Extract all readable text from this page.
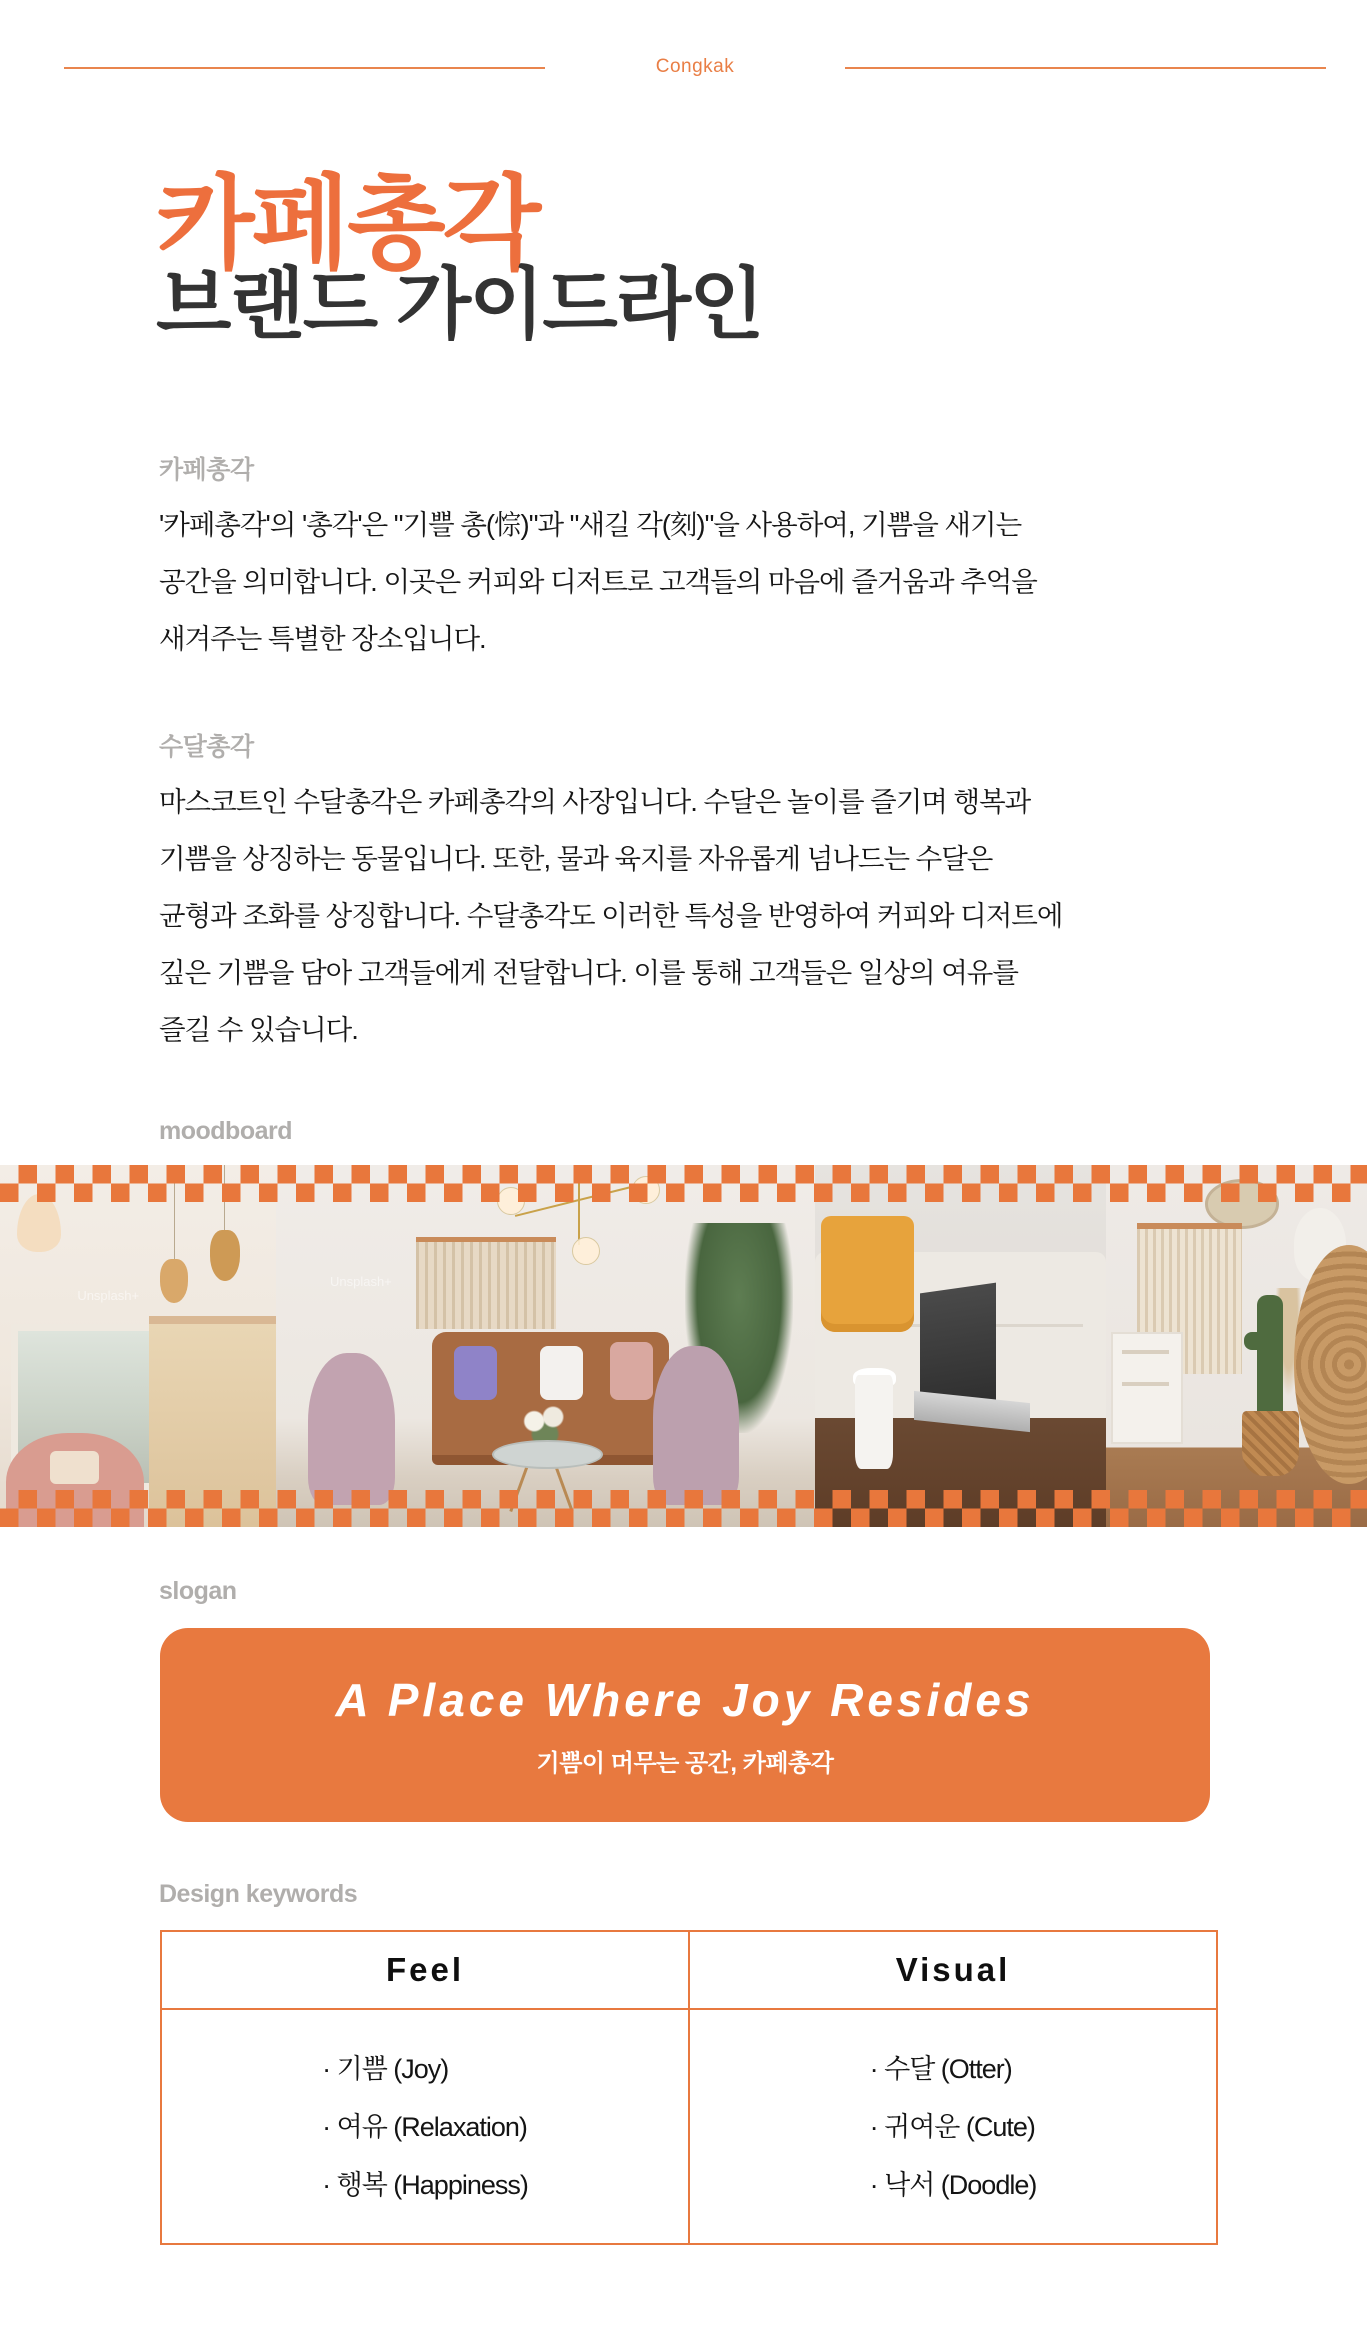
Congkak
카페총각
브랜드 가이드라인
카페총각
'카페총각'의 '총각'은 "기쁠 총(悰)"과 "새길 각(刻)"을 사용하여, 기쁨을 새기는
공간을 의미합니다. 이곳은 커피와 디저트로 고객들의 마음에 즐거움과 추억을
새겨주는 특별한 장소입니다.
수달총각
마스코트인 수달총각은 카페총각의 사장입니다. 수달은 놀이를 즐기며 행복과
기쁨을 상징하는 동물입니다. 또한, 물과 육지를 자유롭게 넘나드는 수달은
균형과 조화를 상징합니다. 수달총각도 이러한 특성을 반영하여 커피와 디저트에
깊은 기쁨을 담아 고객들에게 전달합니다. 이를 통해 고객들은 일상의 여유를
즐길 수 있습니다.
moodboard
Unsplash+
Unsplash+
slogan
A Place Where Joy Resides
기쁨이 머무는 공간, 카페총각
Design keywords
Feel	Visual
· 기쁨 (Joy)
· 여유 (Relaxation)
· 행복 (Happiness)
· 수달 (Otter)
· 귀여운 (Cute)
· 낙서 (Doodle)
